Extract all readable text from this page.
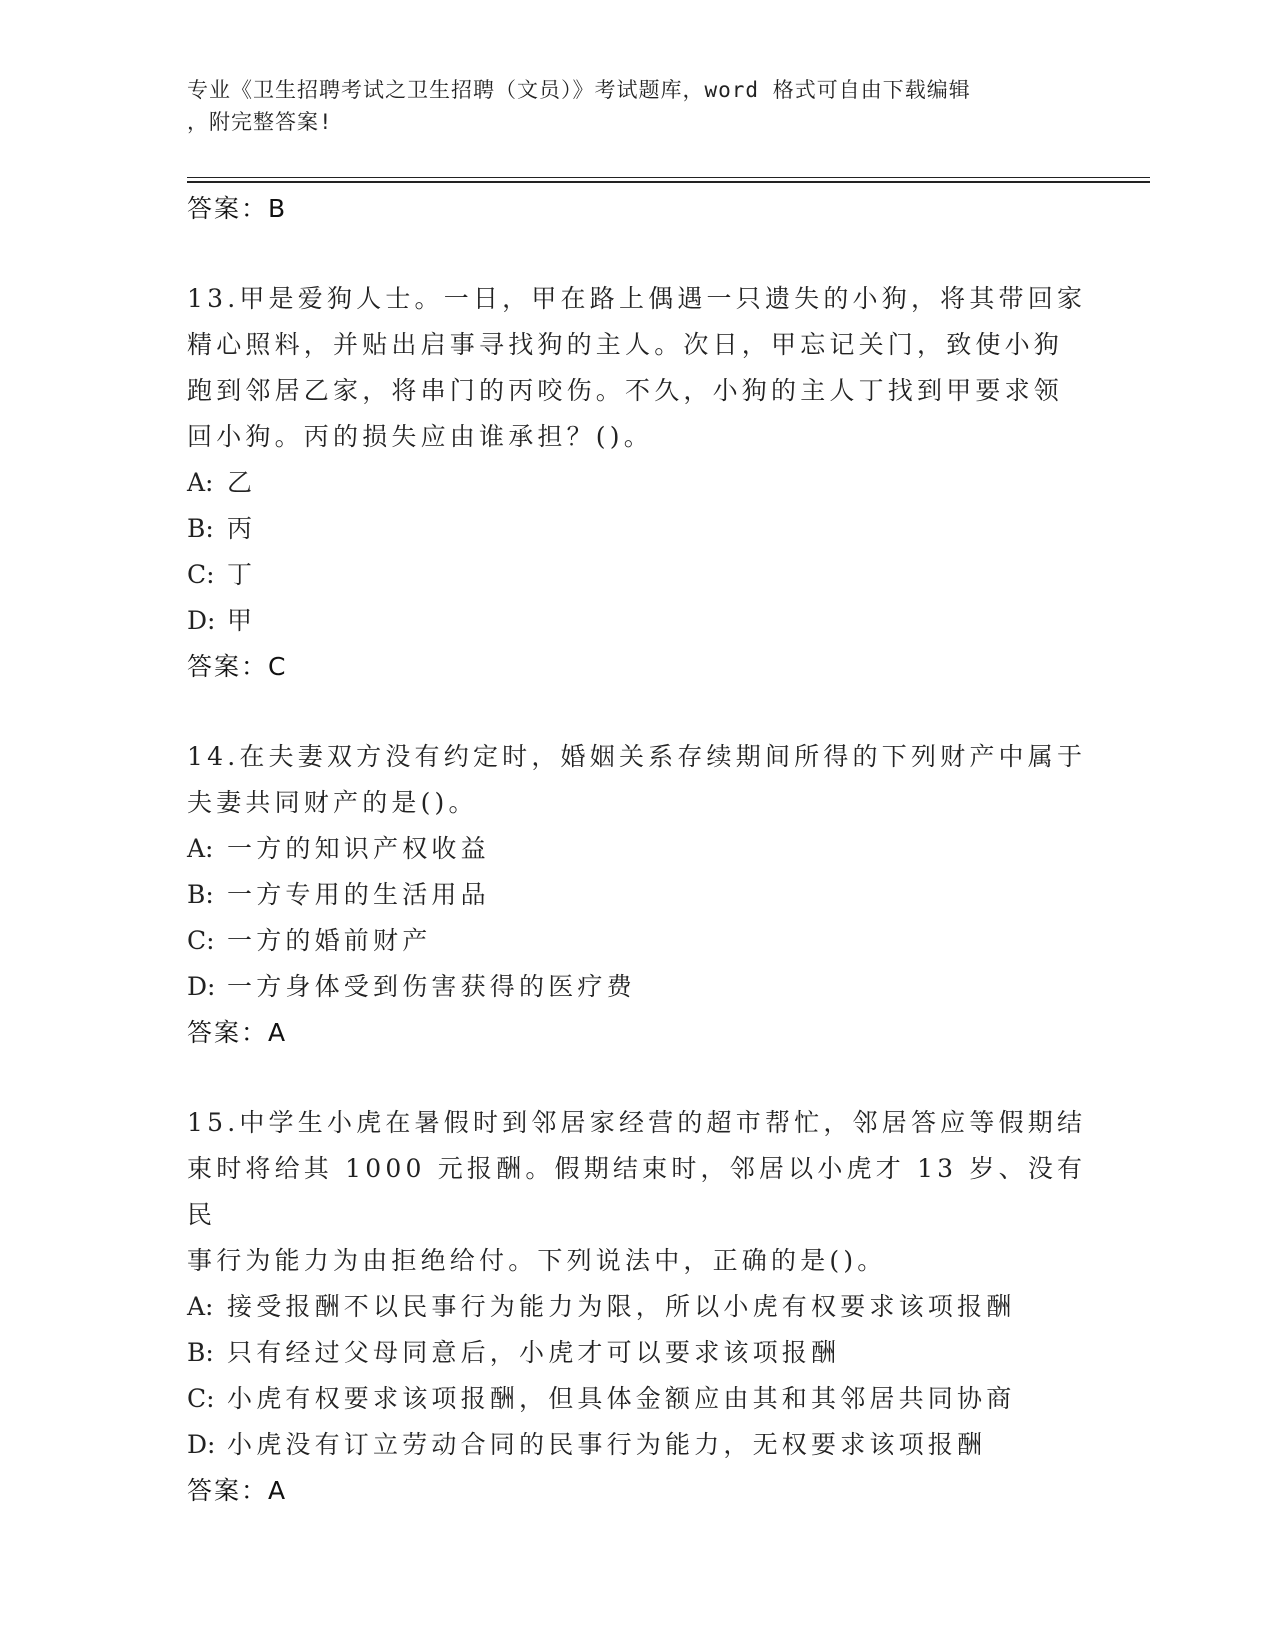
专业《卫生招聘考试之卫生招聘（文员）》考试题库，word 格式可自由下载编辑
，附完整答案!
答案：B

13.甲是爱狗人士。一日，甲在路上偶遇一只遗失的小狗，将其带回家
精心照料，并贴出启事寻找狗的主人。次日，甲忘记关门，致使小狗
跑到邻居乙家，将串门的丙咬伤。不久，小狗的主人丁找到甲要求领
回小狗。丙的损失应由谁承担？()。

A: 乙
B: 丙
C: 丁
D: 甲
答案：C

14.在夫妻双方没有约定时，婚姻关系存续期间所得的下列财产中属于
夫妻共同财产的是()。

A: 一方的知识产权收益
B: 一方专用的生活用品
C: 一方的婚前财产
D: 一方身体受到伤害获得的医疗费
答案：A

15.中学生小虎在暑假时到邻居家经营的超市帮忙，邻居答应等假期结
束时将给其 1000 元报酬。假期结束时，邻居以小虎才 13 岁、没有民
事行为能力为由拒绝给付。下列说法中，正确的是()。

A: 接受报酬不以民事行为能力为限，所以小虎有权要求该项报酬
B: 只有经过父母同意后，小虎才可以要求该项报酬
C: 小虎有权要求该项报酬，但具体金额应由其和其邻居共同协商
D: 小虎没有订立劳动合同的民事行为能力，无权要求该项报酬
答案：A
